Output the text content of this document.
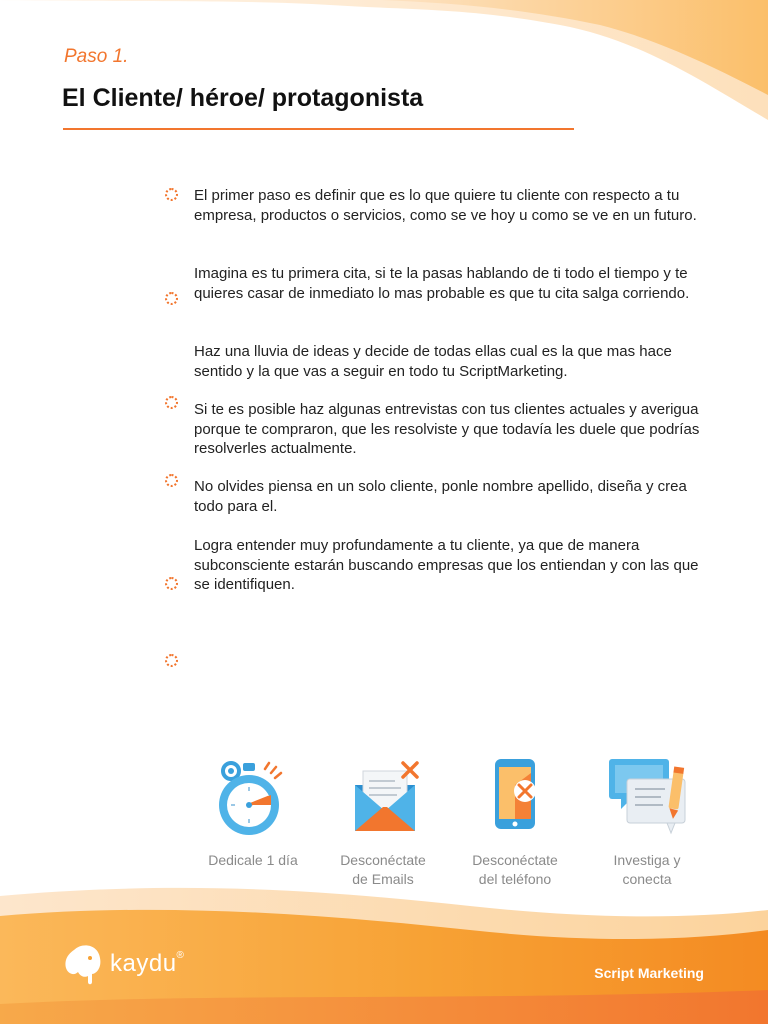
Paso 1.
El Cliente/ héroe/ protagonista

El primer paso es definir que es lo que quiere tu cliente con respecto a tu empresa, productos o servicios, como se ve hoy u como se ve en un futuro.

Imagina es tu primera cita, si te la pasas hablando de ti todo el tiempo y te quieres casar de inmediato lo mas probable es que tu cita salga corriendo.

Haz una lluvia de ideas y decide de todas ellas cual es la que mas hace sentido y la que vas a seguir en todo tu ScriptMarketing.

Si te es posible haz algunas entrevistas con tus clientes actuales y averigua porque te compraron, que les resolviste y que todavía les duele que podrías resolverles actualmente.

No olvides piensa en un solo cliente, ponle nombre apellido, diseña y crea todo para el.

Logra entender muy profundamente a tu cliente, ya que de manera subconsciente estarán buscando empresas que los entiendan y con las que se identifiquen.

Dedicale 1 día	Desconéctate
de Emails
Desconéctate
del teléfono
Investiga y
conecta
kaydu®
Script Marketing
